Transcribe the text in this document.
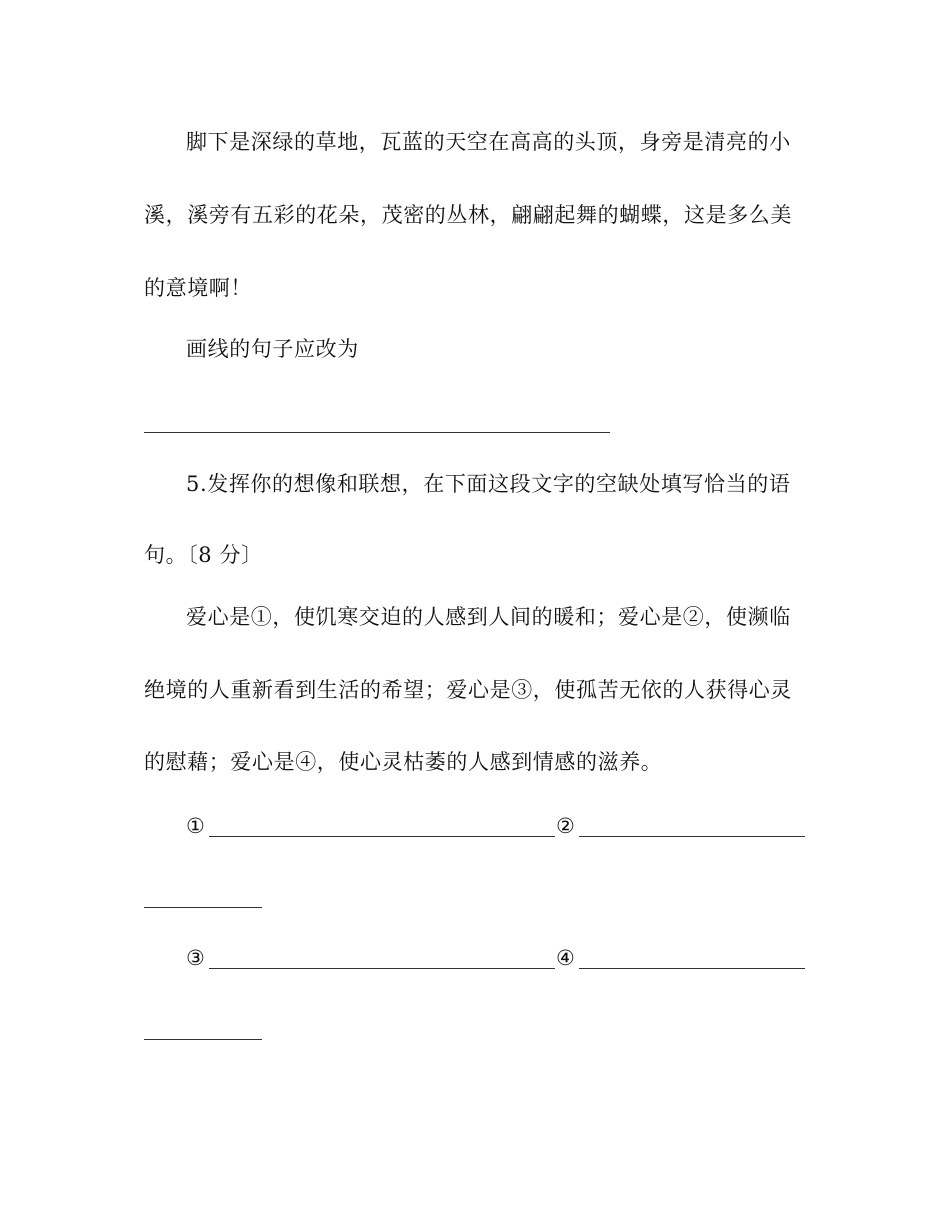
脚下是深绿的草地，瓦蓝的天空在高高的头顶，身旁是清亮的小
溪，溪旁有五彩的花朵，茂密的丛林，翩翩起舞的蝴蝶，这是多么美
的意境啊！
画线的句子应改为
5.发挥你的想像和联想，在下面这段文字的空缺处填写恰当的语
句。〔8 分〕
爱心是①，使饥寒交迫的人感到人间的暖和；爱心是②，使濒临
绝境的人重新看到生活的希望；爱心是③，使孤苦无依的人获得心灵
的慰藉；爱心是④，使心灵枯萎的人感到情感的滋养。
①	②
③	④
